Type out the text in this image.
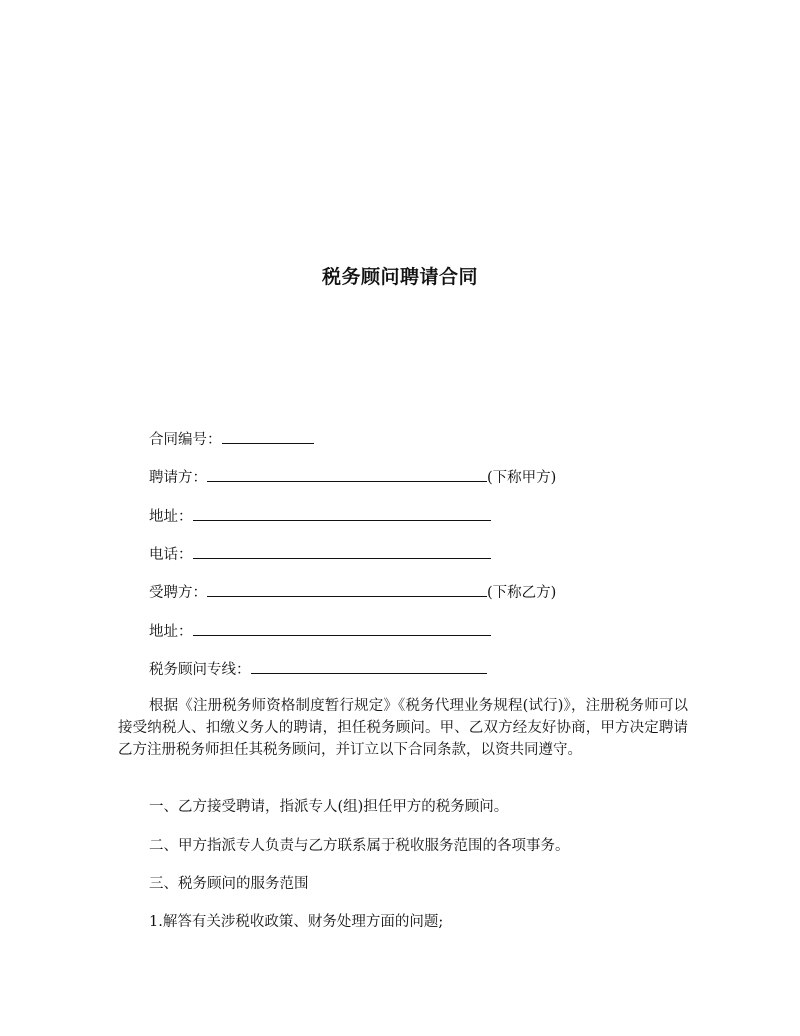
税务顾问聘请合同
合同编号：
聘请方：	(下称甲方)
地址：
电话：
受聘方：	(下称乙方)
地址：
税务顾问专线：
根据《注册税务师资格制度暂行规定》《税务代理业务规程(试行)》，注册税务师可以接受纳税人、扣缴义务人的聘请，担任税务顾问。甲、乙双方经友好协商，甲方决定聘请乙方注册税务师担任其税务顾问，并订立以下合同条款，以资共同遵守。
一、乙方接受聘请，指派专人(组)担任甲方的税务顾问。
二、甲方指派专人负责与乙方联系属于税收服务范围的各项事务。
三、税务顾问的服务范围
1.解答有关涉税收政策、财务处理方面的问题;
